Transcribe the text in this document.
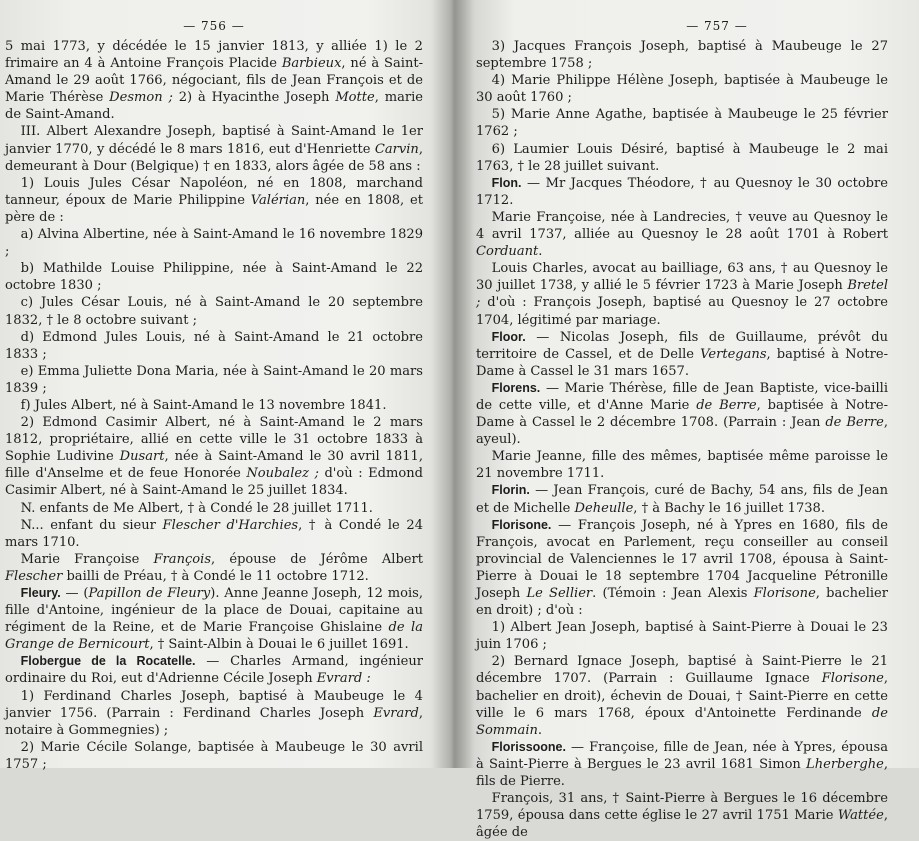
— 756 —

5 mai 1773, y décédée le 15 janvier 1813, y alliée 1) le 2 frimaire an 4 à Antoine François Placide Barbieux, né à Saint-Amand le 29 août 1766, négociant, fils de Jean François et de Marie Thérèse Desmon ; 2) à Hyacinthe Joseph Motte, marie de Saint-Amand.

III. Albert Alexandre Joseph, baptisé à Saint-Amand le 1er janvier 1770, y décédé le 8 mars 1816, eut d'Henriette Carvin, demeurant à Dour (Belgique) † en 1833, alors âgée de 58 ans :

1) Louis Jules César Napoléon, né en 1808, marchand tanneur, époux de Marie Philippine Valérian, née en 1808, et père de :

a) Alvina Albertine, née à Saint-Amand le 16 novembre 1829 ;

b) Mathilde Louise Philippine, née à Saint-Amand le 22 octobre 1830 ;

c) Jules César Louis, né à Saint-Amand le 20 septembre 1832, † le 8 octobre suivant ;

d) Edmond Jules Louis, né à Saint-Amand le 21 octobre 1833 ;

e) Emma Juliette Dona Maria, née à Saint-Amand le 20 mars 1839 ;

f) Jules Albert, né à Saint-Amand le 13 novembre 1841.

2) Edmond Casimir Albert, né à Saint-Amand le 2 mars 1812, propriétaire, allié en cette ville le 31 octobre 1833 à Sophie Ludivine Dusart, née à Saint-Amand le 30 avril 1811, fille d'Anselme et de feue Honorée Noubalez ; d'où : Edmond Casimir Albert, né à Saint-Amand le 25 juillet 1834.

N. enfants de Me Albert, † à Condé le 28 juillet 1711.

N... enfant du sieur Flescher d'Harchies, † à Condé le 24 mars 1710.

Marie Françoise François, épouse de Jérôme Albert Flescher bailli de Préau, † à Condé le 11 octobre 1712.

Fleury. — (Papillon de Fleury). Anne Jeanne Joseph, 12 mois, fille d'Antoine, ingénieur de la place de Douai, capitaine au régiment de la Reine, et de Marie Françoise Ghislaine de la Grange de Bernicourt, † Saint-Albin à Douai le 6 juillet 1691.

Flobergue de la Rocatelle. — Charles Armand, ingénieur ordinaire du Roi, eut d'Adrienne Cécile Joseph Evrard :

1) Ferdinand Charles Joseph, baptisé à Maubeuge le 4 janvier 1756. (Parrain : Ferdinand Charles Joseph Evrard, notaire à Gommegnies) ;

2) Marie Cécile Solange, baptisée à Maubeuge le 30 avril 1757 ;

— 757 —

3) Jacques François Joseph, baptisé à Maubeuge le 27 septembre 1758 ;

4) Marie Philippe Hélène Joseph, baptisée à Maubeuge le 30 août 1760 ;

5) Marie Anne Agathe, baptisée à Maubeuge le 25 février 1762 ;

6) Laumier Louis Désiré, baptisé à Maubeuge le 2 mai 1763, † le 28 juillet suivant.

Flon. — Mr Jacques Théodore, † au Quesnoy le 30 octobre 1712.

Marie Françoise, née à Landrecies, † veuve au Quesnoy le 4 avril 1737, alliée au Quesnoy le 28 août 1701 à Robert Corduant.

Louis Charles, avocat au bailliage, 63 ans, † au Quesnoy le 30 juillet 1738, y allié le 5 février 1723 à Marie Joseph Bretel ; d'où : François Joseph, baptisé au Quesnoy le 27 octobre 1704, légitimé par mariage.

Floor. — Nicolas Joseph, fils de Guillaume, prévôt du territoire de Cassel, et de Delle Vertegans, baptisé à Notre-Dame à Cassel le 31 mars 1657.

Florens. — Marie Thérèse, fille de Jean Baptiste, vice-bailli de cette ville, et d'Anne Marie de Berre, baptisée à Notre-Dame à Cassel le 2 décembre 1708. (Parrain : Jean de Berre, ayeul).

Marie Jeanne, fille des mêmes, baptisée même paroisse le 21 novembre 1711.

Florin. — Jean François, curé de Bachy, 54 ans, fils de Jean et de Michelle Deheulle, † à Bachy le 16 juillet 1738.

Florisone. — François Joseph, né à Ypres en 1680, fils de François, avocat en Parlement, reçu conseiller au conseil provincial de Valenciennes le 17 avril 1708, épousa à Saint-Pierre à Douai le 18 septembre 1704 Jacqueline Pétronille Joseph Le Sellier. (Témoin : Jean Alexis Florisone, bachelier en droit) ; d'où :

1) Albert Jean Joseph, baptisé à Saint-Pierre à Douai le 23 juin 1706 ;

2) Bernard Ignace Joseph, baptisé à Saint-Pierre le 21 décembre 1707. (Parrain : Guillaume Ignace Florisone, bachelier en droit), échevin de Douai, † Saint-Pierre en cette ville le 6 mars 1768, époux d'Antoinette Ferdinande de Sommain.

Florissoone. — Françoise, fille de Jean, née à Ypres, épousa à Saint-Pierre à Bergues le 23 avril 1681 Simon Lherberghe, fils de Pierre.

François, 31 ans, † Saint-Pierre à Bergues le 16 décembre 1759, épousa dans cette église le 27 avril 1751 Marie Wattée, âgée de
